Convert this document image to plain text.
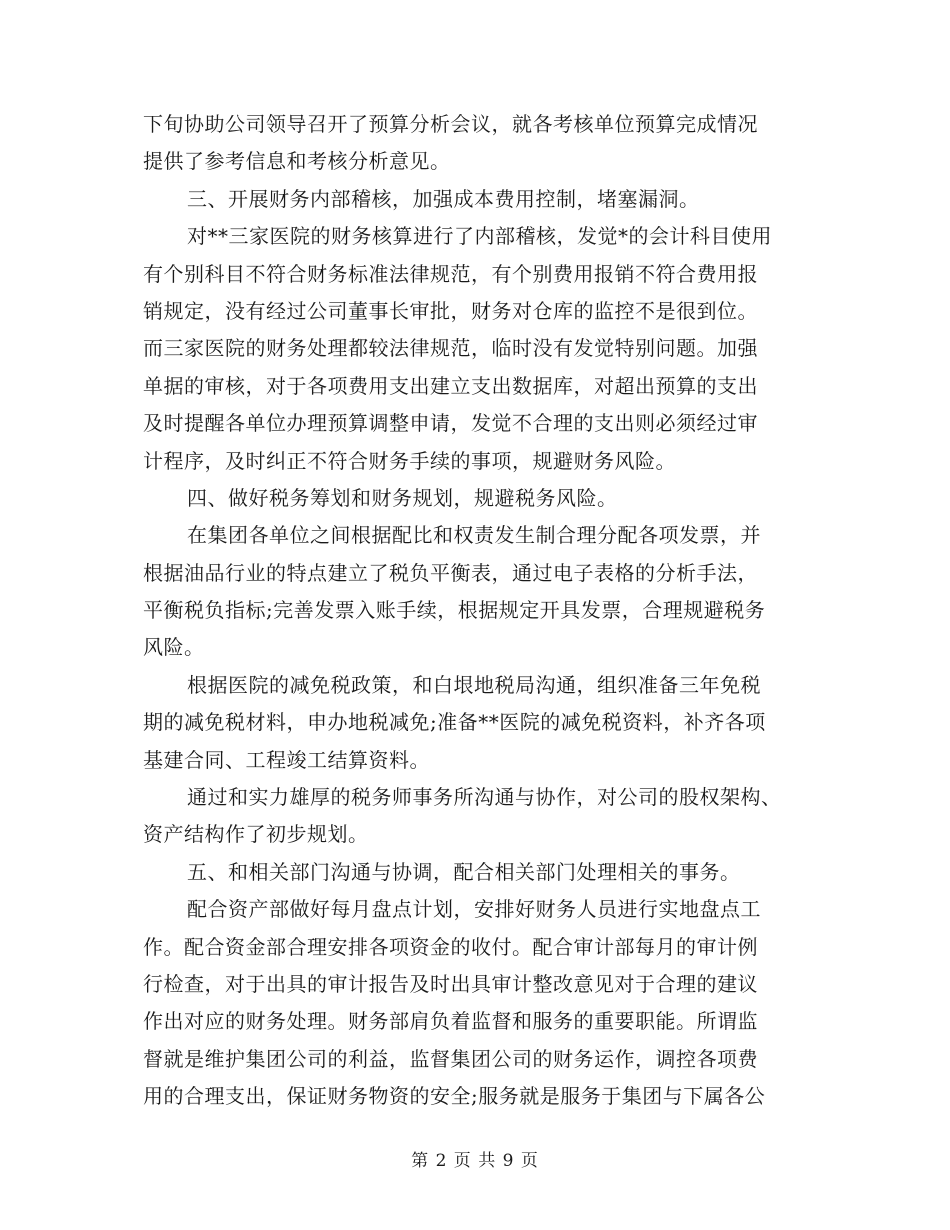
下旬协助公司领导召开了预算分析会议，就各考核单位预算完成情况
提供了参考信息和考核分析意见。
三、开展财务内部稽核，加强成本费用控制，堵塞漏洞。
对**三家医院的财务核算进行了内部稽核，发觉*的会计科目使用
有个别科目不符合财务标准法律规范，有个别费用报销不符合费用报
销规定，没有经过公司董事长审批，财务对仓库的监控不是很到位。
而三家医院的财务处理都较法律规范，临时没有发觉特别问题。加强
单据的审核，对于各项费用支出建立支出数据库，对超出预算的支出
及时提醒各单位办理预算调整申请，发觉不合理的支出则必须经过审
计程序，及时纠正不符合财务手续的事项，规避财务风险。
四、做好税务筹划和财务规划，规避税务风险。
在集团各单位之间根据配比和权责发生制合理分配各项发票，并
根据油品行业的特点建立了税负平衡表，通过电子表格的分析手法，
平衡税负指标;完善发票入账手续，根据规定开具发票，合理规避税务
风险。
根据医院的减免税政策，和白垠地税局沟通，组织准备三年免税
期的减免税材料，申办地税减免;准备**医院的减免税资料，补齐各项
基建合同、工程竣工结算资料。
通过和实力雄厚的税务师事务所沟通与协作，对公司的股权架构、
资产结构作了初步规划。
五、和相关部门沟通与协调，配合相关部门处理相关的事务。
配合资产部做好每月盘点计划，安排好财务人员进行实地盘点工
作。配合资金部合理安排各项资金的收付。配合审计部每月的审计例
行检查，对于出具的审计报告及时出具审计整改意见对于合理的建议
作出对应的财务处理。财务部肩负着监督和服务的重要职能。所谓监
督就是维护集团公司的利益，监督集团公司的财务运作，调控各项费
用的合理支出，保证财务物资的安全;服务就是服务于集团与下属各公
第 2 页 共 9 页
